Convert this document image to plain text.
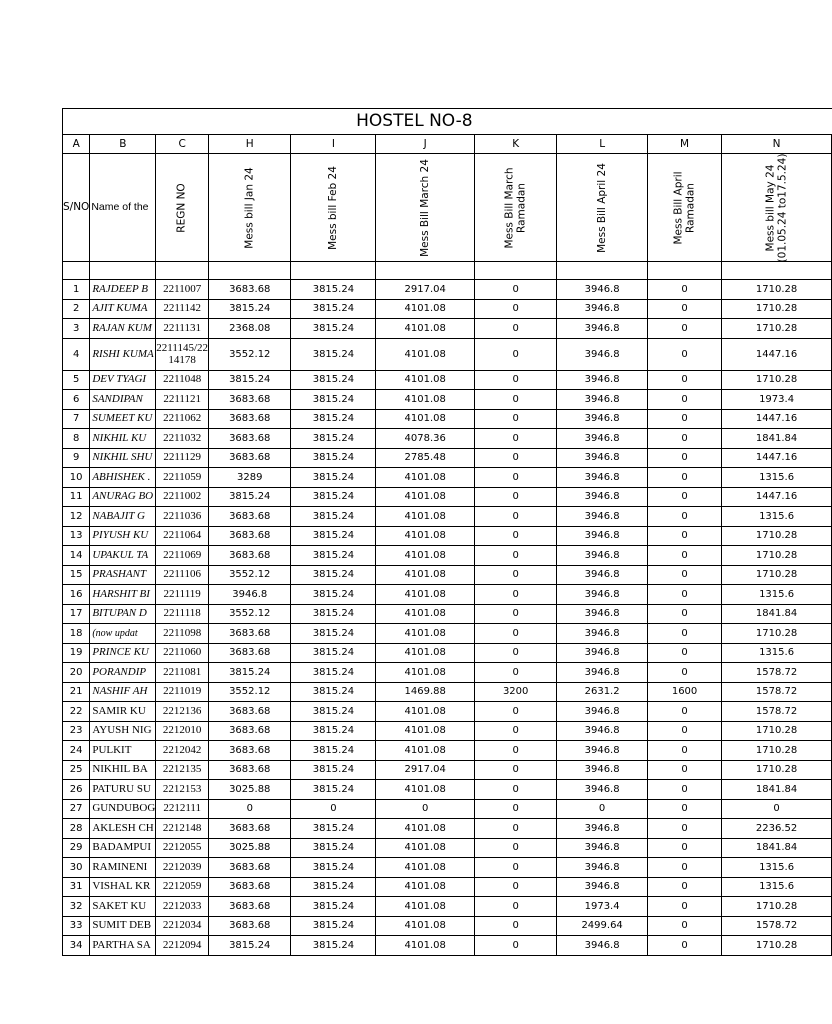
HOSTEL NO-8									
A	B	C	H	I	J	K	L	M	N
S/NO	Name of the	REGN NO	Mess bill Jan 24	Mess bill Feb 24	Mess Bill March 24	Mess Bill March Ramadan	Mess Bill April 24	Mess Bill April Ramadan	Mess bill May 24 (01.05.24 to17.5.24)

1	RAJDEEP B	2211007	3683.68	3815.24	2917.04	0	3946.8	0	1710.28
2	AJIT KUMA	2211142	3815.24	3815.24	4101.08	0	3946.8	0	1710.28
3	RAJAN KUM	2211131	2368.08	3815.24	4101.08	0	3946.8	0	1710.28
4	RISHI KUMA	2211145/22 14178	3552.12	3815.24	4101.08	0	3946.8	0	1447.16
5	DEV TYAGI	2211048	3815.24	3815.24	4101.08	0	3946.8	0	1710.28
6	SANDIPAN	2211121	3683.68	3815.24	4101.08	0	3946.8	0	1973.4
7	SUMEET KU	2211062	3683.68	3815.24	4101.08	0	3946.8	0	1447.16
8	NIKHIL KU	2211032	3683.68	3815.24	4078.36	0	3946.8	0	1841.84
9	NIKHIL SHU	2211129	3683.68	3815.24	2785.48	0	3946.8	0	1447.16
10	ABHISHEK .	2211059	3289	3815.24	4101.08	0	3946.8	0	1315.6
11	ANURAG BO	2211002	3815.24	3815.24	4101.08	0	3946.8	0	1447.16
12	NABAJIT G	2211036	3683.68	3815.24	4101.08	0	3946.8	0	1315.6
13	PIYUSH KU	2211064	3683.68	3815.24	4101.08	0	3946.8	0	1710.28
14	UPAKUL TA	2211069	3683.68	3815.24	4101.08	0	3946.8	0	1710.28
15	PRASHANT	2211106	3552.12	3815.24	4101.08	0	3946.8	0	1710.28
16	HARSHIT BI	2211119	3946.8	3815.24	4101.08	0	3946.8	0	1315.6
17	BITUPAN D	2211118	3552.12	3815.24	4101.08	0	3946.8	0	1841.84
18	(now updat	2211098	3683.68	3815.24	4101.08	0	3946.8	0	1710.28
19	PRINCE KU	2211060	3683.68	3815.24	4101.08	0	3946.8	0	1315.6
20	PORANDIP	2211081	3815.24	3815.24	4101.08	0	3946.8	0	1578.72
21	NASHIF AH	2211019	3552.12	3815.24	1469.88	3200	2631.2	1600	1578.72
22	SAMIR KU	2212136	3683.68	3815.24	4101.08	0	3946.8	0	1578.72
23	AYUSH NIG	2212010	3683.68	3815.24	4101.08	0	3946.8	0	1710.28
24	PULKIT	2212042	3683.68	3815.24	4101.08	0	3946.8	0	1710.28
25	NIKHIL BA	2212135	3683.68	3815.24	2917.04	0	3946.8	0	1710.28
26	PATURU SU	2212153	3025.88	3815.24	4101.08	0	3946.8	0	1841.84
27	GUNDUBOG	2212111	0	0	0	0	0	0	0
28	AKLESH CH	2212148	3683.68	3815.24	4101.08	0	3946.8	0	2236.52
29	BADAMPUI	2212055	3025.88	3815.24	4101.08	0	3946.8	0	1841.84
30	RAMINENI	2212039	3683.68	3815.24	4101.08	0	3946.8	0	1315.6
31	VISHAL KR	2212059	3683.68	3815.24	4101.08	0	3946.8	0	1315.6
32	SAKET KU	2212033	3683.68	3815.24	4101.08	0	1973.4	0	1710.28
33	SUMIT DEB	2212034	3683.68	3815.24	4101.08	0	2499.64	0	1578.72
34	PARTHA SA	2212094	3815.24	3815.24	4101.08	0	3946.8	0	1710.28
